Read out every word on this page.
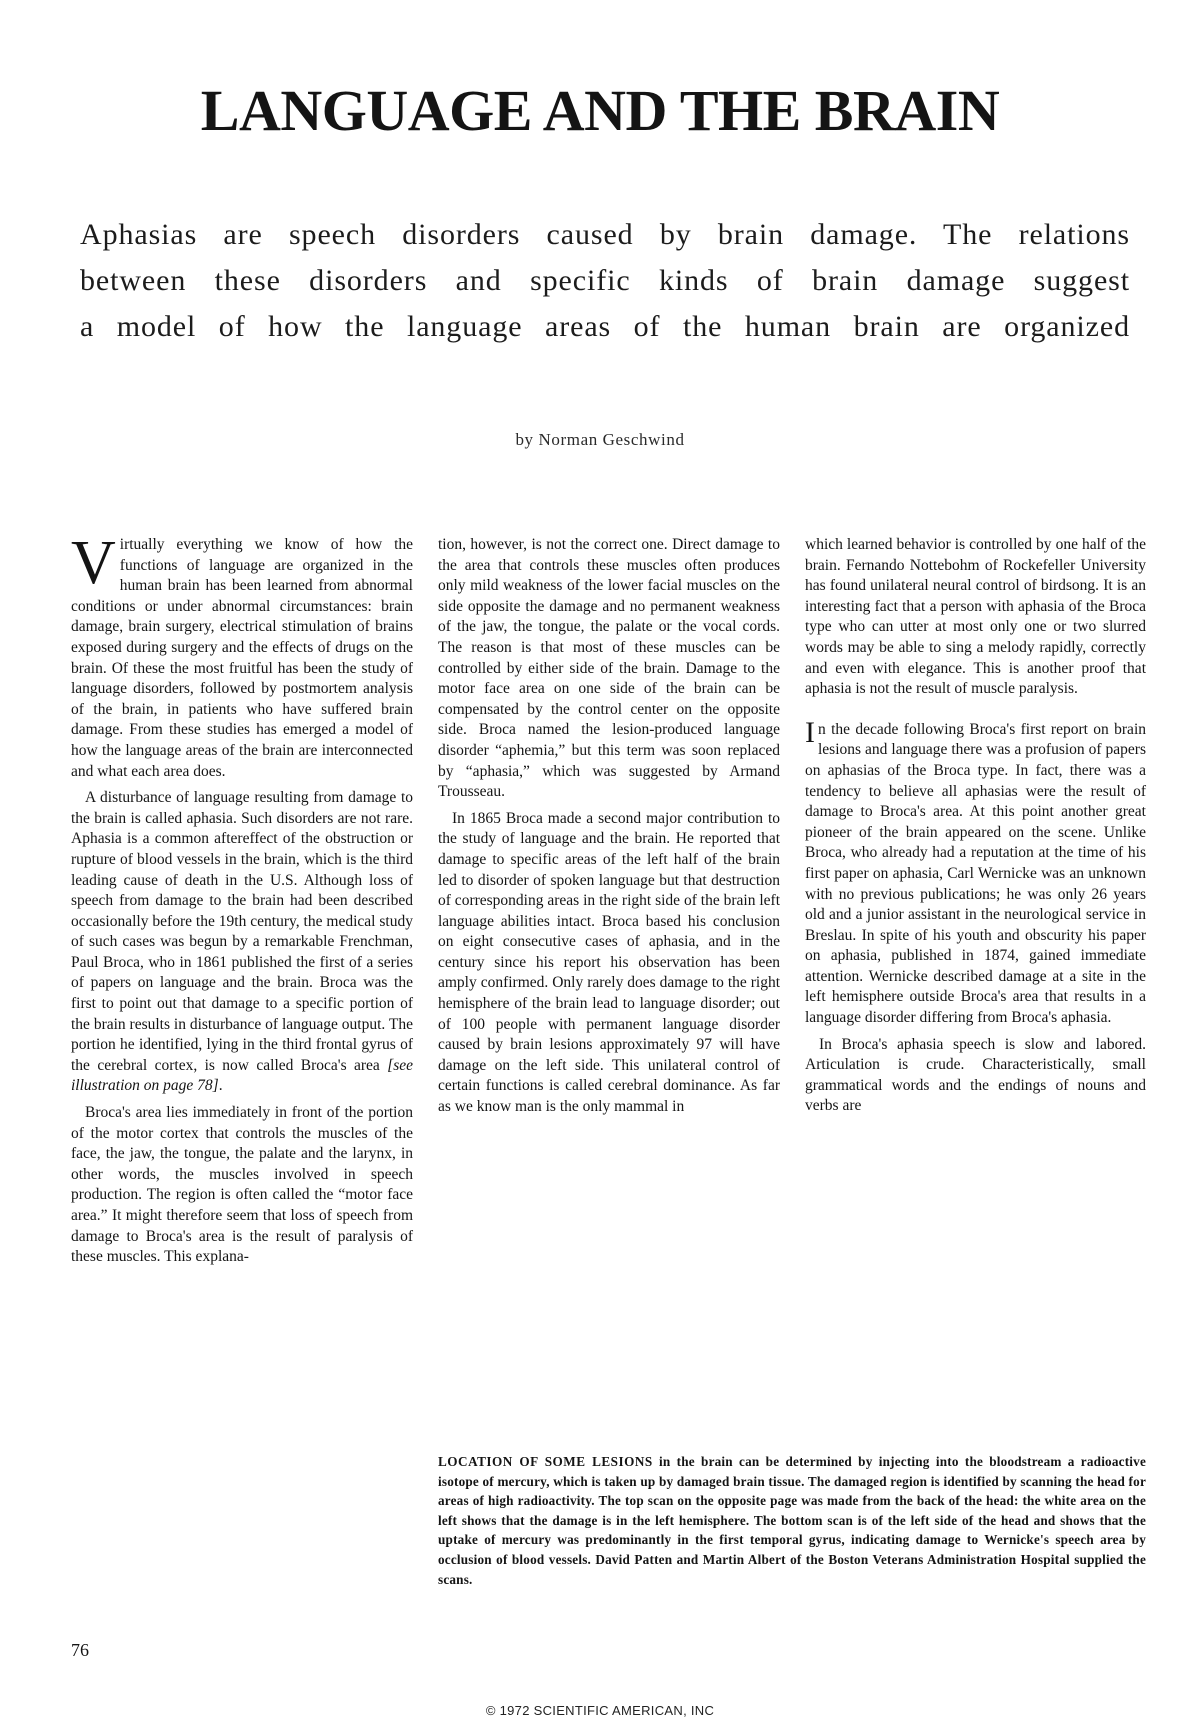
LANGUAGE AND THE BRAIN
Aphasias are speech disorders caused by brain damage. The relations
between these disorders and specific kinds of brain damage suggest
a model of how the language areas of the human brain are organized
by Norman Geschwind

Virtually everything we know of how the functions of language are organized in the human brain has been learned from abnormal conditions or under abnormal circumstances: brain damage, brain surgery, electrical stimulation of brains exposed during surgery and the effects of drugs on the brain. Of these the most fruitful has been the study of language disorders, followed by postmortem analysis of the brain, in patients who have suffered brain damage. From these studies has emerged a model of how the language areas of the brain are interconnected and what each area does.

A disturbance of language resulting from damage to the brain is called aphasia. Such disorders are not rare. Aphasia is a common aftereffect of the obstruction or rupture of blood vessels in the brain, which is the third leading cause of death in the U.S. Although loss of speech from damage to the brain had been described occasionally before the 19th century, the medical study of such cases was begun by a remarkable Frenchman, Paul Broca, who in 1861 published the first of a series of papers on language and the brain. Broca was the first to point out that damage to a specific portion of the brain results in disturbance of language output. The portion he identified, lying in the third frontal gyrus of the cerebral cortex, is now called Broca's area [see illustration on page 78].

Broca's area lies immediately in front of the portion of the motor cortex that controls the muscles of the face, the jaw, the tongue, the palate and the larynx, in other words, the muscles involved in speech production. The region is often called the “motor face area.” It might therefore seem that loss of speech from damage to Broca's area is the result of paralysis of these muscles. This explana-

tion, however, is not the correct one. Direct damage to the area that controls these muscles often produces only mild weakness of the lower facial muscles on the side opposite the damage and no permanent weakness of the jaw, the tongue, the palate or the vocal cords. The reason is that most of these muscles can be controlled by either side of the brain. Damage to the motor face area on one side of the brain can be compensated by the control center on the opposite side. Broca named the lesion-produced language disorder “aphemia,” but this term was soon replaced by “aphasia,” which was suggested by Armand Trousseau.

In 1865 Broca made a second major contribution to the study of language and the brain. He reported that damage to specific areas of the left half of the brain led to disorder of spoken language but that destruction of corresponding areas in the right side of the brain left language abilities intact. Broca based his conclusion on eight consecutive cases of aphasia, and in the century since his report his observation has been amply confirmed. Only rarely does damage to the right hemisphere of the brain lead to language disorder; out of 100 people with permanent language disorder caused by brain lesions approximately 97 will have damage on the left side. This unilateral control of certain functions is called cerebral dominance. As far as we know man is the only mammal in

which learned behavior is controlled by one half of the brain. Fernando Nottebohm of Rockefeller University has found unilateral neural control of birdsong. It is an interesting fact that a person with aphasia of the Broca type who can utter at most only one or two slurred words may be able to sing a melody rapidly, correctly and even with elegance. This is another proof that aphasia is not the result of muscle paralysis.

In the decade following Broca's first report on brain lesions and language there was a profusion of papers on aphasias of the Broca type. In fact, there was a tendency to believe all aphasias were the result of damage to Broca's area. At this point another great pioneer of the brain appeared on the scene. Unlike Broca, who already had a reputation at the time of his first paper on aphasia, Carl Wernicke was an unknown with no previous publications; he was only 26 years old and a junior assistant in the neurological service in Breslau. In spite of his youth and obscurity his paper on aphasia, published in 1874, gained immediate attention. Wernicke described damage at a site in the left hemisphere outside Broca's area that results in a language disorder differing from Broca's aphasia.

In Broca's aphasia speech is slow and labored. Articulation is crude. Characteristically, small grammatical words and the endings of nouns and verbs are

LOCATION OF SOME LESIONS in the brain can be determined by injecting into the bloodstream a radioactive isotope of mercury, which is taken up by damaged brain tissue. The damaged region is identified by scanning the head for areas of high radioactivity. The top scan on the opposite page was made from the back of the head: the white area on the left shows that the damage is in the left hemisphere. The bottom scan is of the left side of the head and shows that the uptake of mercury was predominantly in the first temporal gyrus, indicating damage to Wernicke's speech area by occlusion of blood vessels. David Patten and Martin Albert of the Boston Veterans Administration Hospital supplied the scans.
76
© 1972 SCIENTIFIC AMERICAN, INC
